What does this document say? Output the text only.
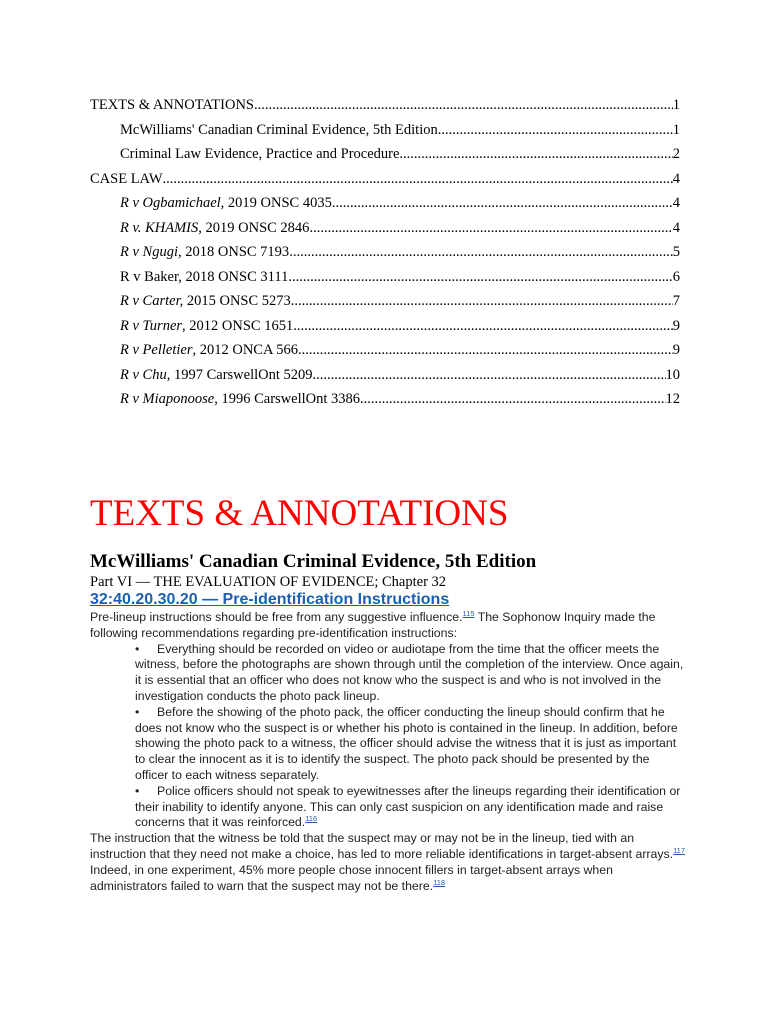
TEXTS & ANNOTATIONS .....	1
McWilliams' Canadian Criminal Evidence, 5th Edition .....	1
Criminal Law Evidence, Practice and Procedure .....	2
CASE LAW .....	4
R v Ogbamichael, 2019 ONSC 4035 .....	4
R v. KHAMIS, 2019 ONSC 2846 .....	4
R v Ngugi, 2018 ONSC 7193 .....	5
R v Baker, 2018 ONSC 3111 .....	6
R v Carter, 2015 ONSC 5273 .....	7
R v Turner, 2012 ONSC 1651 .....	9
R v Pelletier, 2012 ONCA 566 .....	9
R v Chu, 1997 CarswellOnt 5209 .....	10
R v Miaponoose, 1996 CarswellOnt 3386 .....	12
TEXTS & ANNOTATIONS
McWilliams' Canadian Criminal Evidence, 5th Edition
Part VI — THE EVALUATION OF EVIDENCE; Chapter 32
32:40.20.30.20 — Pre-identification Instructions

Pre-lineup instructions should be free from any suggestive influence.$^{115}$ The Sophonow Inquiry made the following recommendations regarding pre-identification instructions:

• Everything should be recorded on video or audiotape from the time that the officer meets the witness, before the photographs are shown through until the completion of the interview. Once again, it is essential that an officer who does not know who the suspect is and who is not involved in the investigation conducts the photo pack lineup.
• Before the showing of the photo pack, the officer conducting the lineup should confirm that he does not know who the suspect is or whether his photo is contained in the lineup. In addition, before showing the photo pack to a witness, the officer should advise the witness that it is just as important to clear the innocent as it is to identify the suspect. The photo pack should be presented by the officer to each witness separately.
• Police officers should not speak to eyewitnesses after the lineups regarding their identification or their inability to identify anyone. This can only cast suspicion on any identification made and raise concerns that it was reinforced.$^{116}$

The instruction that the witness be told that the suspect may or may not be in the lineup, tied with an instruction that they need not make a choice, has led to more reliable identifications in target-absent arrays.$^{117}$ Indeed, in one experiment, 45% more people chose innocent fillers in target-absent arrays when administrators failed to warn that the suspect may not be there.$^{118}$
